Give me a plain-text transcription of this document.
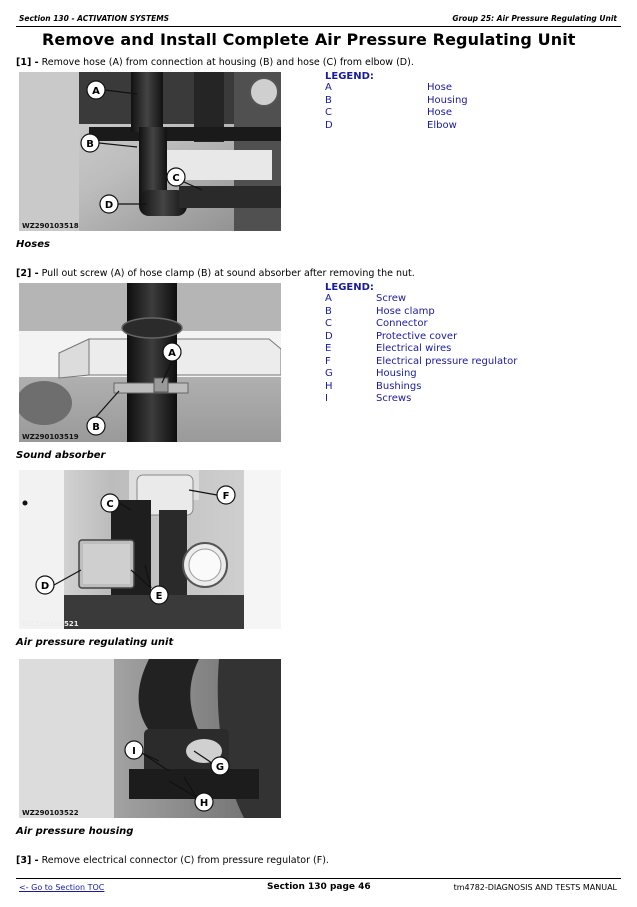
Section 130 - ACTIVATION SYSTEMS	Group 25: Air Pressure Regulating Unit
Remove and Install Complete Air Pressure Regulating Unit
[1] - Remove hose (A) from connection at housing (B) and hose (C) from elbow (D).
LEGEND:
A	Hose
B	Housing
C	Hose
D	Elbow
WZ290103518
A
B
C
D
Hoses
[2] - Pull out screw (A) of hose clamp (B) at sound absorber after removing the nut.
LEGEND:
A	Screw
B	Hose clamp
C	Connector
D	Protective cover
E	Electrical wires
F	Electrical pressure regulator
G	Housing
H	Bushings
I	Screws
WZ290103519
A
B
Sound absorber
WZ290103521
C
F
D
E
Air pressure regulating unit
WZ290103522
I
G
H
Air pressure housing
[3] - Remove electrical connector (C) from pressure regulator (F).
<- Go to Section TOC	Section 130 page 46	tm4782-DIAGNOSIS AND TESTS MANUAL
